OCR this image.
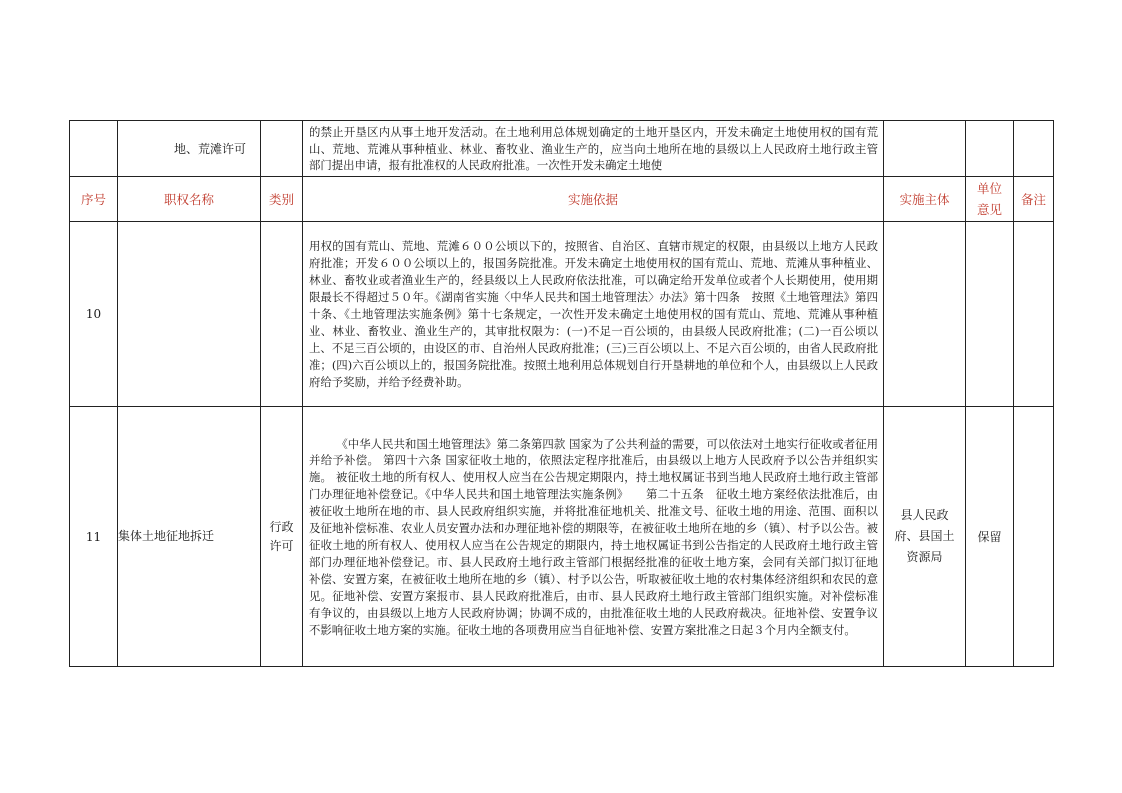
	地、荒滩许可		的禁止开垦区内从事土地开发活动。在土地利用总体规划确定的土地开垦区内，开发未确定土地使用权的国有荒山、荒地、荒滩从事种植业、林业、畜牧业、渔业生产的，应当向土地所在地的县级以上人民政府土地行政主管部门提出申请，报有批准权的人民政府批准。一次性开发未确定土地使			

序号	职权名称	类别	实施依据	实施主体	单位意见	备注
10			用权的国有荒山、荒地、荒滩６００公顷以下的，按照省、自治区、直辖市规定的权限，由县级以上地方人民政府批准；开发６００公顷以上的，报国务院批准。开发未确定土地使用权的国有荒山、荒地、荒滩从事种植业、林业、畜牧业或者渔业生产的，经县级以上人民政府依法批准，可以确定给开发单位或者个人长期使用，使用期限最长不得超过５０年。《湖南省实施〈中华人民共和国土地管理法〉办法》第十四条　按照《土地管理法》第四十条、《土地管理法实施条例》第十七条规定，一次性开发未确定土地使用权的国有荒山、荒地、荒滩从事种植业、林业、畜牧业、渔业生产的，其审批权限为：(一)不足一百公顷的，由县级人民政府批准；(二)一百公顷以上、不足三百公顷的，由设区的市、自治州人民政府批准；(三)三百公顷以上、不足六百公顷的，由省人民政府批准；(四)六百公顷以上的，报国务院批准。按照土地利用总体规划自行开垦耕地的单位和个人，由县级以上人民政府给予奖励，并给予经费补助。			

11	集体土地征地拆迁	行政许可	《中华人民共和国土地管理法》第二条第四款 国家为了公共利益的需要，可以依法对土地实行征收或者征用并给予补偿。 第四十六条 国家征收土地的，依照法定程序批准后，由县级以上地方人民政府予以公告并组织实施。 被征收土地的所有权人、使用权人应当在公告规定期限内，持土地权属证书到当地人民政府土地行政主管部门办理征地补偿登记。《中华人民共和国土地管理法实施条例》　　第二十五条　征收土地方案经依法批准后，由被征收土地所在地的市、县人民政府组织实施，并将批准征地机关、批准文号、征收土地的用途、范围、面积以及征地补偿标准、农业人员安置办法和办理征地补偿的期限等，在被征收土地所在地的乡（镇）、村予以公告。被征收土地的所有权人、使用权人应当在公告规定的期限内，持土地权属证书到公告指定的人民政府土地行政主管部门办理征地补偿登记。市、县人民政府土地行政主管部门根据经批准的征收土地方案，会同有关部门拟订征地补偿、安置方案，在被征收土地所在地的乡（镇）、村予以公告，听取被征收土地的农村集体经济组织和农民的意见。征地补偿、安置方案报市、县人民政府批准后，由市、县人民政府土地行政主管部门组织实施。对补偿标准有争议的，由县级以上地方人民政府协调；协调不成的，由批准征收土地的人民政府裁决。征地补偿、安置争议不影响征收土地方案的实施。征收土地的各项费用应当自征地补偿、安置方案批准之日起３个月内全额支付。	县人民政府、县国土资源局	保留	
